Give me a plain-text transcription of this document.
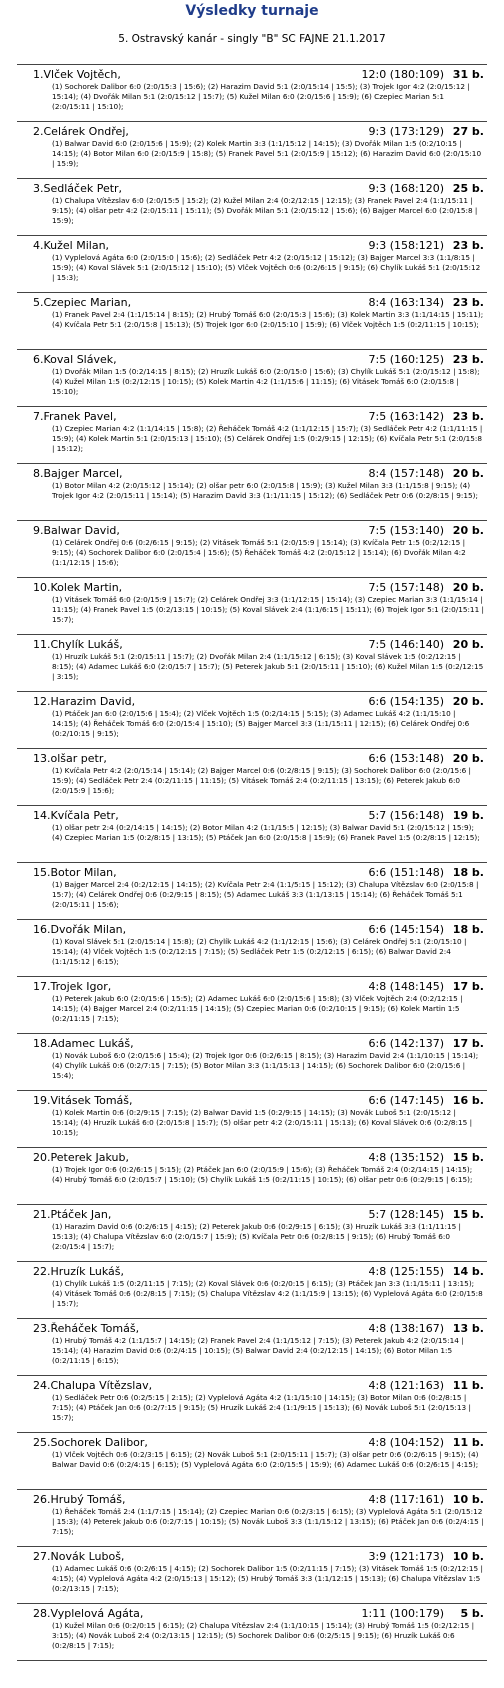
Výsledky turnaje
5. Ostravský kanár - singly "B" SC FAJNE 21.1.2017
1.Vlček Vojtěch,	12:0 (180:109) 31 b.
(1) Sochorek Dalibor 6:0 (2:0/15:3 | 15:6); (2) Harazim David 5:1 (2:0/15:14 | 15:5); (3) Trojek Igor 4:2 (2:0/15:12 | 15:14); (4) Dvořák Milan 5:1 (2:0/15:12 | 15:7); (5) Kužel Milan 6:0 (2:0/15:6 | 15:9); (6) Czepiec Marian 5:1 (2:0/15:11 | 15:10);
2.Celárek Ondřej,	9:3 (173:129) 27 b.
(1) Balwar David 6:0 (2:0/15:6 | 15:9); (2) Kolek Martin 3:3 (1:1/15:12 | 14:15); (3) Dvořák Milan 1:5 (0:2/10:15 | 14:15); (4) Botor Milan 6:0 (2:0/15:9 | 15:8); (5) Franek Pavel 5:1 (2:0/15:9 | 15:12); (6) Harazim David 6:0 (2:0/15:10 | 15:9);
3.Sedláček Petr,	9:3 (168:120) 25 b.
(1) Chalupa Vítězslav 6:0 (2:0/15:5 | 15:2); (2) Kužel Milan 2:4 (0:2/12:15 | 12:15); (3) Franek Pavel 2:4 (1:1/15:11 | 9:15); (4) olšar petr 4:2 (2:0/15:11 | 15:11); (5) Dvořák Milan 5:1 (2:0/15:12 | 15:6); (6) Bajger Marcel 6:0 (2:0/15:8 | 15:9);
4.Kužel Milan,	9:3 (158:121) 23 b.
(1) Vyplelová Agáta 6:0 (2:0/15:0 | 15:6); (2) Sedláček Petr 4:2 (2:0/15:12 | 15:12); (3) Bajger Marcel 3:3 (1:1/8:15 | 15:9); (4) Koval Slávek 5:1 (2:0/15:12 | 15:10); (5) Vlček Vojtěch 0:6 (0:2/6:15 | 9:15); (6) Chylík Lukáš 5:1 (2:0/15:12 | 15:3);
5.Czepiec Marian,	8:4 (163:134) 23 b.
(1) Franek Pavel 2:4 (1:1/15:14 | 8:15); (2) Hrubý Tomáš 6:0 (2:0/15:3 | 15:6); (3) Kolek Martin 3:3 (1:1/14:15 | 15:11); (4) Kvíčala Petr 5:1 (2:0/15:8 | 15:13); (5) Trojek Igor 6:0 (2:0/15:10 | 15:9); (6) Vlček Vojtěch 1:5 (0:2/11:15 | 10:15);
6.Koval Slávek,	7:5 (160:125) 23 b.
(1) Dvořák Milan 1:5 (0:2/14:15 | 8:15); (2) Hruzík Lukáš 6:0 (2:0/15:0 | 15:6); (3) Chylík Lukáš 5:1 (2:0/15:12 | 15:8); (4) Kužel Milan 1:5 (0:2/12:15 | 10:15); (5) Kolek Martin 4:2 (1:1/15:6 | 11:15); (6) Vitásek Tomáš 6:0 (2:0/15:8 | 15:10);
7.Franek Pavel,	7:5 (163:142) 23 b.
(1) Czepiec Marian 4:2 (1:1/14:15 | 15:8); (2) Řeháček Tomáš 4:2 (1:1/12:15 | 15:7); (3) Sedláček Petr 4:2 (1:1/11:15 | 15:9); (4) Kolek Martin 5:1 (2:0/15:13 | 15:10); (5) Celárek Ondřej 1:5 (0:2/9:15 | 12:15); (6) Kvíčala Petr 5:1 (2:0/15:8 | 15:12);
8.Bajger Marcel,	8:4 (157:148) 20 b.
(1) Botor Milan 4:2 (2:0/15:12 | 15:14); (2) olšar petr 6:0 (2:0/15:8 | 15:9); (3) Kužel Milan 3:3 (1:1/15:8 | 9:15); (4) Trojek Igor 4:2 (2:0/15:11 | 15:14); (5) Harazim David 3:3 (1:1/11:15 | 15:12); (6) Sedláček Petr 0:6 (0:2/8:15 | 9:15);
9.Balwar David,	7:5 (153:140) 20 b.
(1) Celárek Ondřej 0:6 (0:2/6:15 | 9:15); (2) Vitásek Tomáš 5:1 (2:0/15:9 | 15:14); (3) Kvíčala Petr 1:5 (0:2/12:15 | 9:15); (4) Sochorek Dalibor 6:0 (2:0/15:4 | 15:6); (5) Řeháček Tomáš 4:2 (2:0/15:12 | 15:14); (6) Dvořák Milan 4:2 (1:1/12:15 | 15:6);
10.Kolek Martin,	7:5 (157:148) 20 b.
(1) Vitásek Tomáš 6:0 (2:0/15:9 | 15:7); (2) Celárek Ondřej 3:3 (1:1/12:15 | 15:14); (3) Czepiec Marian 3:3 (1:1/15:14 | 11:15); (4) Franek Pavel 1:5 (0:2/13:15 | 10:15); (5) Koval Slávek 2:4 (1:1/6:15 | 15:11); (6) Trojek Igor 5:1 (2:0/15:11 | 15:7);
11.Chylík Lukáš,	7:5 (146:140) 20 b.
(1) Hruzík Lukáš 5:1 (2:0/15:11 | 15:7); (2) Dvořák Milan 2:4 (1:1/15:12 | 6:15); (3) Koval Slávek 1:5 (0:2/12:15 | 8:15); (4) Adamec Lukáš 6:0 (2:0/15:7 | 15:7); (5) Peterek Jakub 5:1 (2:0/15:11 | 15:10); (6) Kužel Milan 1:5 (0:2/12:15 | 3:15);
12.Harazim David,	6:6 (154:135) 20 b.
(1) Ptáček Jan 6:0 (2:0/15:6 | 15:4); (2) Vlček Vojtěch 1:5 (0:2/14:15 | 5:15); (3) Adamec Lukáš 4:2 (1:1/15:10 | 14:15); (4) Řeháček Tomáš 6:0 (2:0/15:4 | 15:10); (5) Bajger Marcel 3:3 (1:1/15:11 | 12:15); (6) Celárek Ondřej 0:6 (0:2/10:15 | 9:15);
13.olšar petr,	6:6 (153:148) 20 b.
(1) Kvíčala Petr 4:2 (2:0/15:14 | 15:14); (2) Bajger Marcel 0:6 (0:2/8:15 | 9:15); (3) Sochorek Dalibor 6:0 (2:0/15:6 | 15:9); (4) Sedláček Petr 2:4 (0:2/11:15 | 11:15); (5) Vitásek Tomáš 2:4 (0:2/11:15 | 13:15); (6) Peterek Jakub 6:0 (2:0/15:9 | 15:6);
14.Kvíčala Petr,	5:7 (156:148) 19 b.
(1) olšar petr 2:4 (0:2/14:15 | 14:15); (2) Botor Milan 4:2 (1:1/15:5 | 12:15); (3) Balwar David 5:1 (2:0/15:12 | 15:9); (4) Czepiec Marian 1:5 (0:2/8:15 | 13:15); (5) Ptáček Jan 6:0 (2:0/15:8 | 15:9); (6) Franek Pavel 1:5 (0:2/8:15 | 12:15);
15.Botor Milan,	6:6 (151:148) 18 b.
(1) Bajger Marcel 2:4 (0:2/12:15 | 14:15); (2) Kvíčala Petr 2:4 (1:1/5:15 | 15:12); (3) Chalupa Vítězslav 6:0 (2:0/15:8 | 15:7); (4) Celárek Ondřej 0:6 (0:2/9:15 | 8:15); (5) Adamec Lukáš 3:3 (1:1/13:15 | 15:14); (6) Řeháček Tomáš 5:1 (2:0/15:11 | 15:6);
16.Dvořák Milan,	6:6 (145:154) 18 b.
(1) Koval Slávek 5:1 (2:0/15:14 | 15:8); (2) Chylík Lukáš 4:2 (1:1/12:15 | 15:6); (3) Celárek Ondřej 5:1 (2:0/15:10 | 15:14); (4) Vlček Vojtěch 1:5 (0:2/12:15 | 7:15); (5) Sedláček Petr 1:5 (0:2/12:15 | 6:15); (6) Balwar David 2:4 (1:1/15:12 | 6:15);
17.Trojek Igor,	4:8 (148:145) 17 b.
(1) Peterek Jakub 6:0 (2:0/15:6 | 15:5); (2) Adamec Lukáš 6:0 (2:0/15:6 | 15:8); (3) Vlček Vojtěch 2:4 (0:2/12:15 | 14:15); (4) Bajger Marcel 2:4 (0:2/11:15 | 14:15); (5) Czepiec Marian 0:6 (0:2/10:15 | 9:15); (6) Kolek Martin 1:5 (0:2/11:15 | 7:15);
18.Adamec Lukáš,	6:6 (142:137) 17 b.
(1) Novák Luboš 6:0 (2:0/15:6 | 15:4); (2) Trojek Igor 0:6 (0:2/6:15 | 8:15); (3) Harazim David 2:4 (1:1/10:15 | 15:14); (4) Chylík Lukáš 0:6 (0:2/7:15 | 7:15); (5) Botor Milan 3:3 (1:1/15:13 | 14:15); (6) Sochorek Dalibor 6:0 (2:0/15:6 | 15:4);
19.Vitásek Tomáš,	6:6 (147:145) 16 b.
(1) Kolek Martin 0:6 (0:2/9:15 | 7:15); (2) Balwar David 1:5 (0:2/9:15 | 14:15); (3) Novák Luboš 5:1 (2:0/15:12 | 15:14); (4) Hruzík Lukáš 6:0 (2:0/15:8 | 15:7); (5) olšar petr 4:2 (2:0/15:11 | 15:13); (6) Koval Slávek 0:6 (0:2/8:15 | 10:15);
20.Peterek Jakub,	4:8 (135:152) 15 b.
(1) Trojek Igor 0:6 (0:2/6:15 | 5:15); (2) Ptáček Jan 6:0 (2:0/15:9 | 15:6); (3) Řeháček Tomáš 2:4 (0:2/14:15 | 14:15); (4) Hrubý Tomáš 6:0 (2:0/15:7 | 15:10); (5) Chylík Lukáš 1:5 (0:2/11:15 | 10:15); (6) olšar petr 0:6 (0:2/9:15 | 6:15);
21.Ptáček Jan,	5:7 (128:145) 15 b.
(1) Harazim David 0:6 (0:2/6:15 | 4:15); (2) Peterek Jakub 0:6 (0:2/9:15 | 6:15); (3) Hruzík Lukáš 3:3 (1:1/11:15 | 15:13); (4) Chalupa Vítězslav 6:0 (2:0/15:7 | 15:9); (5) Kvíčala Petr 0:6 (0:2/8:15 | 9:15); (6) Hrubý Tomáš 6:0 (2:0/15:4 | 15:7);
22.Hruzík Lukáš,	4:8 (125:155) 14 b.
(1) Chylík Lukáš 1:5 (0:2/11:15 | 7:15); (2) Koval Slávek 0:6 (0:2/0:15 | 6:15); (3) Ptáček Jan 3:3 (1:1/15:11 | 13:15); (4) Vitásek Tomáš 0:6 (0:2/8:15 | 7:15); (5) Chalupa Vítězslav 4:2 (1:1/15:9 | 13:15); (6) Vyplelová Agáta 6:0 (2:0/15:8 | 15:7);
23.Řeháček Tomáš,	4:8 (138:167) 13 b.
(1) Hrubý Tomáš 4:2 (1:1/15:7 | 14:15); (2) Franek Pavel 2:4 (1:1/15:12 | 7:15); (3) Peterek Jakub 4:2 (2:0/15:14 | 15:14); (4) Harazim David 0:6 (0:2/4:15 | 10:15); (5) Balwar David 2:4 (0:2/12:15 | 14:15); (6) Botor Milan 1:5 (0:2/11:15 | 6:15);
24.Chalupa Vítězslav,	4:8 (121:163) 11 b.
(1) Sedláček Petr 0:6 (0:2/5:15 | 2:15); (2) Vyplelová Agáta 4:2 (1:1/15:10 | 14:15); (3) Botor Milan 0:6 (0:2/8:15 | 7:15); (4) Ptáček Jan 0:6 (0:2/7:15 | 9:15); (5) Hruzík Lukáš 2:4 (1:1/9:15 | 15:13); (6) Novák Luboš 5:1 (2:0/15:13 | 15:7);
25.Sochorek Dalibor,	4:8 (104:152) 11 b.
(1) Vlček Vojtěch 0:6 (0:2/3:15 | 6:15); (2) Novák Luboš 5:1 (2:0/15:11 | 15:7); (3) olšar petr 0:6 (0:2/6:15 | 9:15); (4) Balwar David 0:6 (0:2/4:15 | 6:15); (5) Vyplelová Agáta 6:0 (2:0/15:5 | 15:9); (6) Adamec Lukáš 0:6 (0:2/6:15 | 4:15);
26.Hrubý Tomáš,	4:8 (117:161) 10 b.
(1) Řeháček Tomáš 2:4 (1:1/7:15 | 15:14); (2) Czepiec Marian 0:6 (0:2/3:15 | 6:15); (3) Vyplelová Agáta 5:1 (2:0/15:12 | 15:3); (4) Peterek Jakub 0:6 (0:2/7:15 | 10:15); (5) Novák Luboš 3:3 (1:1/15:12 | 13:15); (6) Ptáček Jan 0:6 (0:2/4:15 | 7:15);
27.Novák Luboš,	3:9 (121:173) 10 b.
(1) Adamec Lukáš 0:6 (0:2/6:15 | 4:15); (2) Sochorek Dalibor 1:5 (0:2/11:15 | 7:15); (3) Vitásek Tomáš 1:5 (0:2/12:15 | 4:15); (4) Vyplelová Agáta 4:2 (2:0/15:13 | 15:12); (5) Hrubý Tomáš 3:3 (1:1/12:15 | 15:13); (6) Chalupa Vítězslav 1:5 (0:2/13:15 | 7:15);
28.Vyplelová Agáta,	1:11 (100:179) 5 b.
(1) Kužel Milan 0:6 (0:2/0:15 | 6:15); (2) Chalupa Vítězslav 2:4 (1:1/10:15 | 15:14); (3) Hrubý Tomáš 1:5 (0:2/12:15 | 3:15); (4) Novák Luboš 2:4 (0:2/13:15 | 12:15); (5) Sochorek Dalibor 0:6 (0:2/5:15 | 9:15); (6) Hruzík Lukáš 0:6 (0:2/8:15 | 7:15);
